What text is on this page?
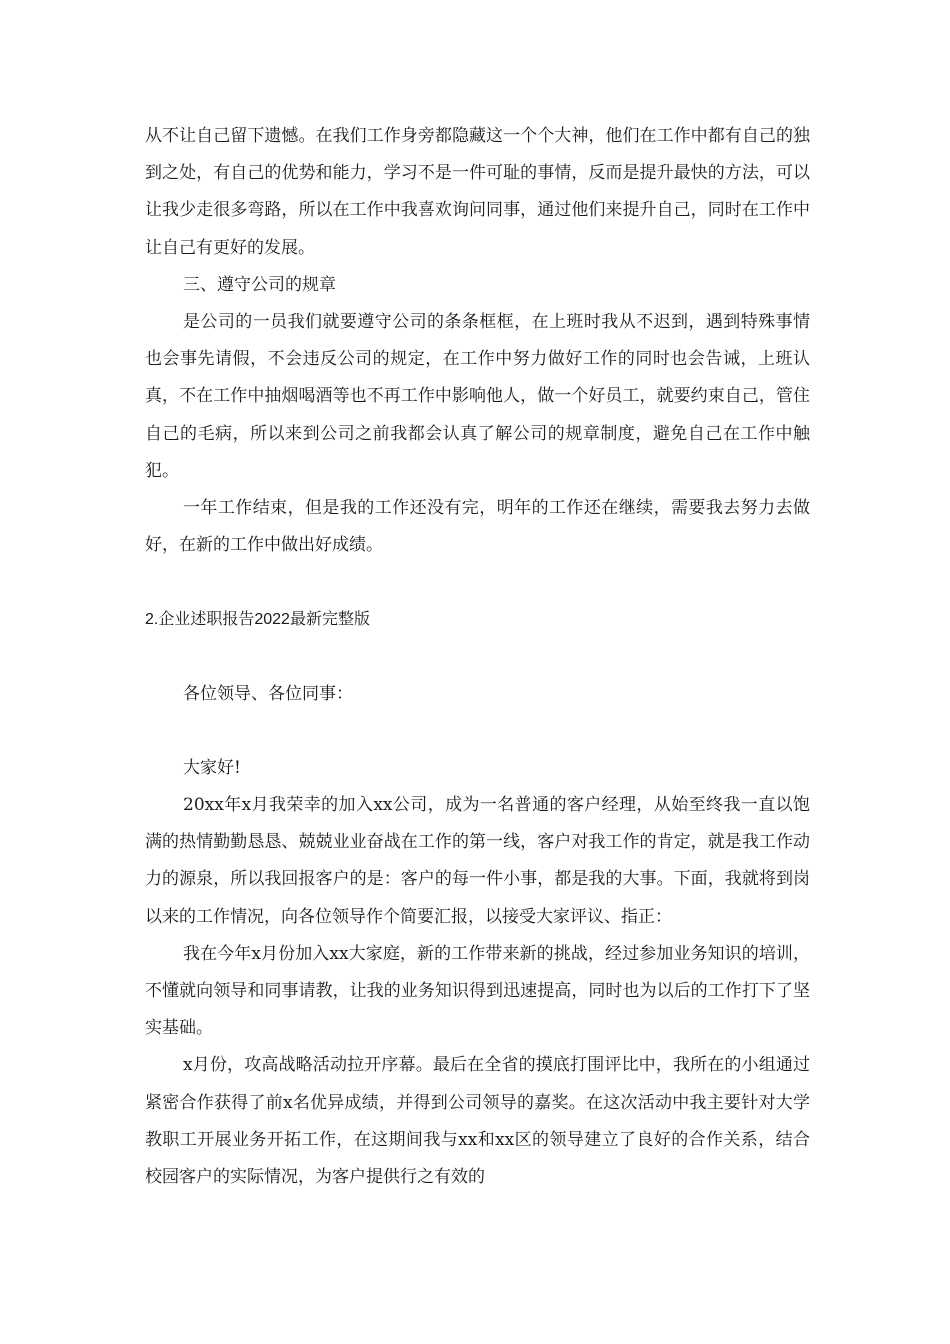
从不让自己留下遗憾。在我们工作身旁都隐藏这一个个大神，他们在工作中都有自己的独到之处，有自己的优势和能力，学习不是一件可耻的事情，反而是提升最快的方法，可以让我少走很多弯路，所以在工作中我喜欢询问同事，通过他们来提升自己，同时在工作中让自己有更好的发展。

三、遵守公司的规章

是公司的一员我们就要遵守公司的条条框框，在上班时我从不迟到，遇到特殊事情也会事先请假，不会违反公司的规定，在工作中努力做好工作的同时也会告诫，上班认真，不在工作中抽烟喝酒等也不再工作中影响他人，做一个好员工，就要约束自己，管住自己的毛病，所以来到公司之前我都会认真了解公司的规章制度，避免自己在工作中触犯。

一年工作结束，但是我的工作还没有完，明年的工作还在继续，需要我去努力去做好，在新的工作中做出好成绩。

2.企业述职报告2022最新完整版

各位领导、各位同事：

大家好!

20xx年x月我荣幸的加入xx公司，成为一名普通的客户经理，从始至终我一直以饱满的热情勤勤恳恳、兢兢业业奋战在工作的第一线，客户对我工作的肯定，就是我工作动力的源泉，所以我回报客户的是：客户的每一件小事，都是我的大事。下面，我就将到岗以来的工作情况，向各位领导作个简要汇报，以接受大家评议、指正：

我在今年x月份加入xx大家庭，新的工作带来新的挑战，经过参加业务知识的培训，不懂就向领导和同事请教，让我的业务知识得到迅速提高，同时也为以后的工作打下了坚实基础。

x月份，攻高战略活动拉开序幕。最后在全省的摸底打围评比中，我所在的小组通过紧密合作获得了前x名优异成绩，并得到公司领导的嘉奖。在这次活动中我主要针对大学教职工开展业务开拓工作，在这期间我与xx和xx区的领导建立了良好的合作关系，结合校园客户的实际情况，为客户提供行之有效的
